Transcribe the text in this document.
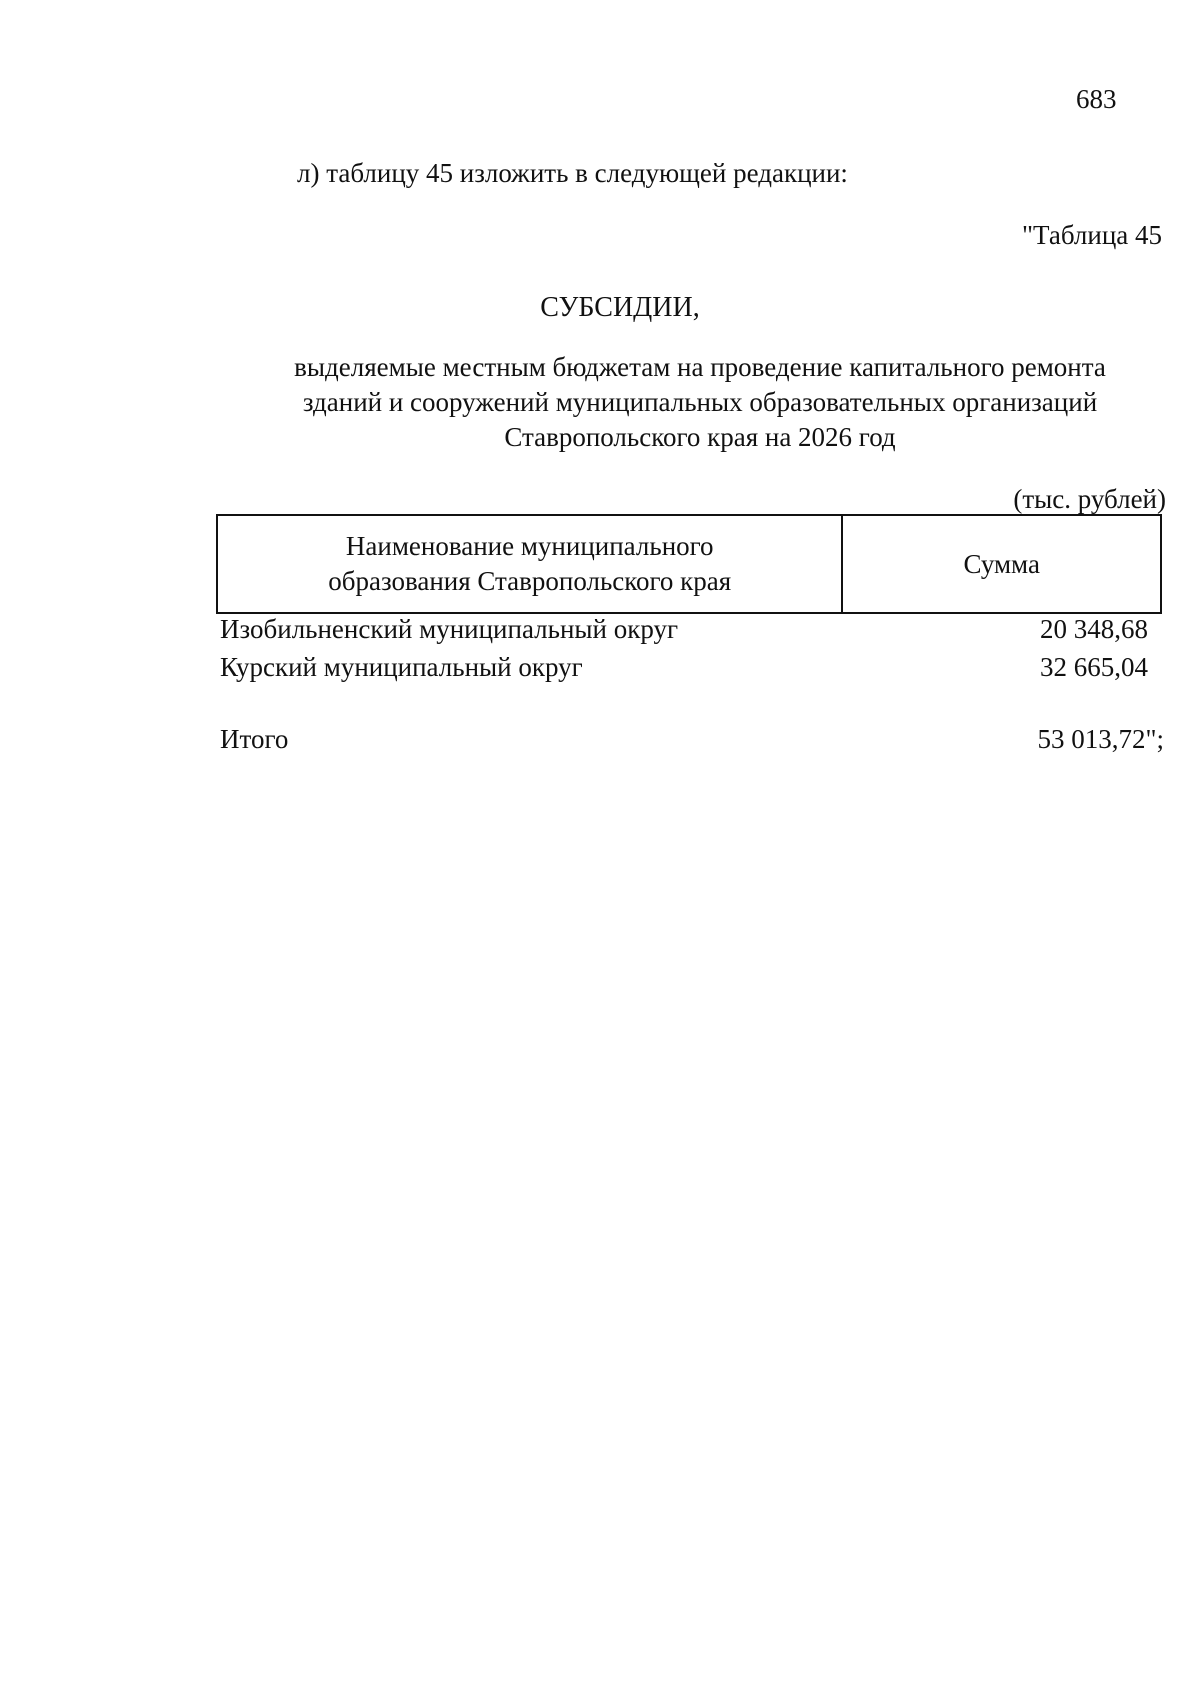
683
л) таблицу 45 изложить в следующей редакции:
"Таблица 45
СУБСИДИИ,
выделяемые местным бюджетам на проведение капитального ремонта
зданий и сооружений муниципальных образовательных организаций
Ставропольского края на 2026 год
(тыс. рублей)
Наименование муниципального
образования Ставропольского края
	Сумма
Изобильненский муниципальный округ	20 348,68
Курский муниципальный округ	32 665,04
Итого	53 013,72";
